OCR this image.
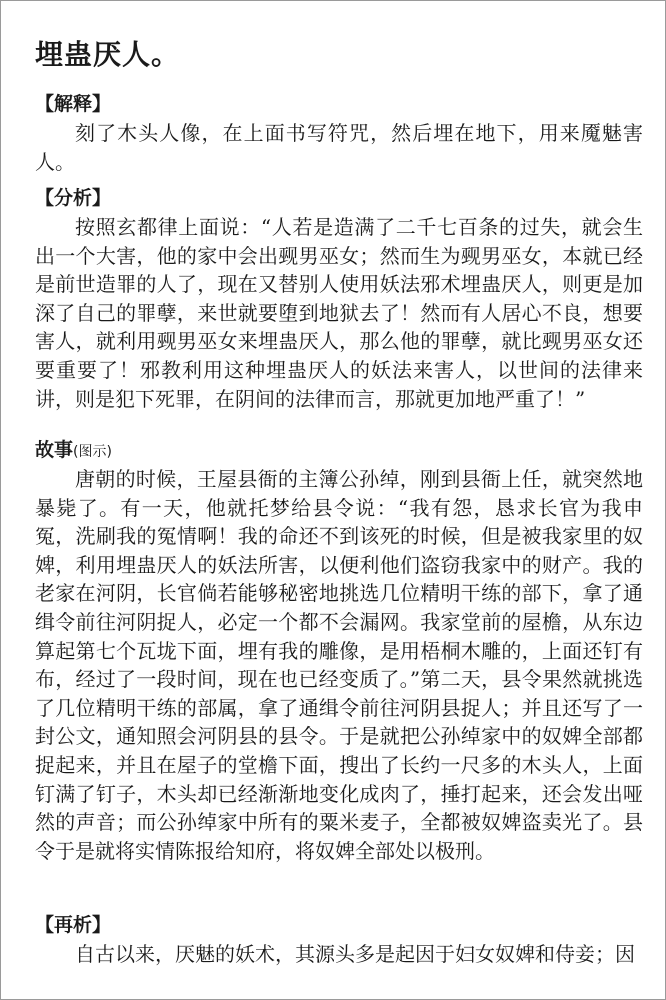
埋蛊厌人。
【解释】

刻了木头人像，在上面书写符咒，然后埋在地下，用来魇魅害人。

【分析】

按照玄都律上面说：“人若是造满了二千七百条的过失，就会生出一个大害，他的家中会出觋男巫女；然而生为觋男巫女，本就已经是前世造罪的人了，现在又替别人使用妖法邪术埋蛊厌人，则更是加深了自己的罪孽，来世就要堕到地狱去了！然而有人居心不良，想要害人，就利用觋男巫女来埋蛊厌人，那么他的罪孽，就比觋男巫女还要重要了！邪教利用这种埋蛊厌人的妖法来害人，以世间的法律来讲，则是犯下死罪，在阴间的法律而言，那就更加地严重了！”

故事(图示)

唐朝的时候，王屋县衙的主簿公孙绰，刚到县衙上任，就突然地暴毙了。有一天，他就托梦给县令说：“我有怨，恳求长官为我申冤，洗刷我的冤情啊！我的命还不到该死的时候，但是被我家里的奴婢，利用埋蛊厌人的妖法所害，以便利他们盗窃我家中的财产。我的老家在河阴，长官倘若能够秘密地挑选几位精明干练的部下，拿了通缉令前往河阴捉人，必定一个都不会漏网。我家堂前的屋檐，从东边算起第七个瓦垅下面，埋有我的雕像，是用梧桐木雕的，上面还钉有布，经过了一段时间，现在也已经变质了。”第二天，县令果然就挑选了几位精明干练的部属，拿了通缉令前往河阴县捉人；并且还写了一封公文，通知照会河阴县的县令。于是就把公孙绰家中的奴婢全部都捉起来，并且在屋子的堂檐下面，搜出了长约一尺多的木头人，上面钉满了钉子，木头却已经渐渐地变化成肉了，捶打起来，还会发出哑然的声音；而公孙绰家中所有的粟米麦子，全都被奴婢盗卖光了。县令于是就将实情陈报给知府，将奴婢全部处以极刑。

【再析】

自古以来，厌魅的妖术，其源头多是起因于妇女奴婢和侍妾；因
